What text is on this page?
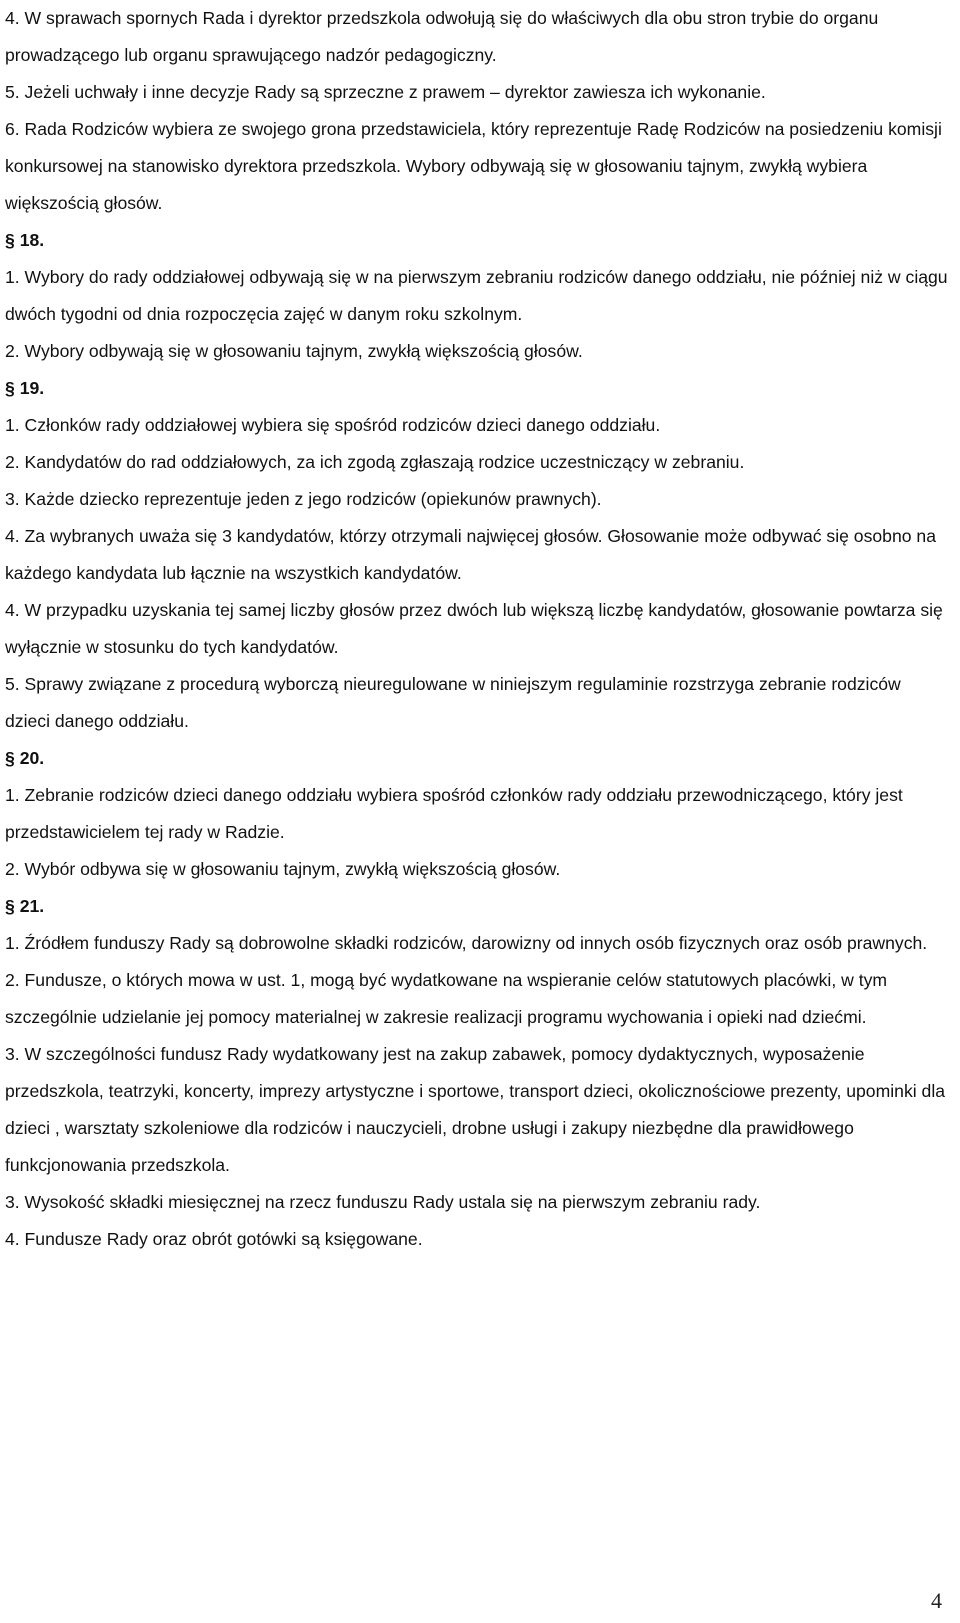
4. W sprawach spornych Rada i dyrektor przedszkola odwołują się do właściwych dla obu stron trybie do organu prowadzącego lub organu sprawującego nadzór pedagogiczny.

5. Jeżeli uchwały i inne decyzje Rady są sprzeczne z prawem – dyrektor zawiesza ich wykonanie.

6. Rada Rodziców wybiera ze swojego grona przedstawiciela, który reprezentuje Radę Rodziców na posiedzeniu komisji konkursowej na stanowisko dyrektora przedszkola. Wybory odbywają się w głosowaniu tajnym, zwykłą wybiera większością głosów.

§ 18.

1. Wybory do rady oddziałowej odbywają się w na pierwszym zebraniu rodziców danego oddziału, nie później niż w ciągu dwóch tygodni od dnia rozpoczęcia zajęć w danym roku szkolnym.

2. Wybory odbywają się w głosowaniu tajnym, zwykłą większością głosów.

§ 19.

1. Członków rady oddziałowej wybiera się spośród rodziców dzieci danego oddziału.

2. Kandydatów do rad oddziałowych, za ich zgodą zgłaszają rodzice uczestniczący w zebraniu.

3. Każde dziecko reprezentuje jeden z jego rodziców (opiekunów prawnych).

4. Za wybranych uważa się 3 kandydatów, którzy otrzymali najwięcej głosów. Głosowanie może odbywać się osobno na każdego kandydata lub łącznie na wszystkich kandydatów.

4. W przypadku uzyskania tej samej liczby głosów przez dwóch lub większą liczbę kandydatów, głosowanie powtarza się wyłącznie w stosunku do tych kandydatów.

5. Sprawy związane z procedurą wyborczą nieuregulowane w niniejszym regulaminie rozstrzyga zebranie rodziców dzieci danego oddziału.

§ 20.

1. Zebranie rodziców dzieci danego oddziału wybiera spośród członków rady oddziału przewodniczącego, który jest przedstawicielem tej rady w Radzie.

2. Wybór odbywa się w głosowaniu tajnym, zwykłą większością głosów.

§ 21.

1. Źródłem funduszy Rady są dobrowolne składki rodziców, darowizny od innych osób fizycznych oraz osób prawnych.

2. Fundusze, o których mowa w ust. 1, mogą być wydatkowane na wspieranie celów statutowych placówki, w tym szczególnie udzielanie jej pomocy materialnej w zakresie realizacji programu wychowania i opieki nad dziećmi.

3. W szczególności fundusz Rady wydatkowany jest na zakup zabawek, pomocy dydaktycznych, wyposażenie przedszkola, teatrzyki, koncerty, imprezy artystyczne i sportowe, transport dzieci, okolicznościowe prezenty, upominki dla dzieci , warsztaty szkoleniowe dla rodziców i nauczycieli, drobne usługi i zakupy niezbędne dla prawidłowego funkcjonowania przedszkola.

3. Wysokość składki miesięcznej na rzecz funduszu Rady ustala się na pierwszym zebraniu rady.

4. Fundusze Rady oraz obrót gotówki są księgowane.

4
